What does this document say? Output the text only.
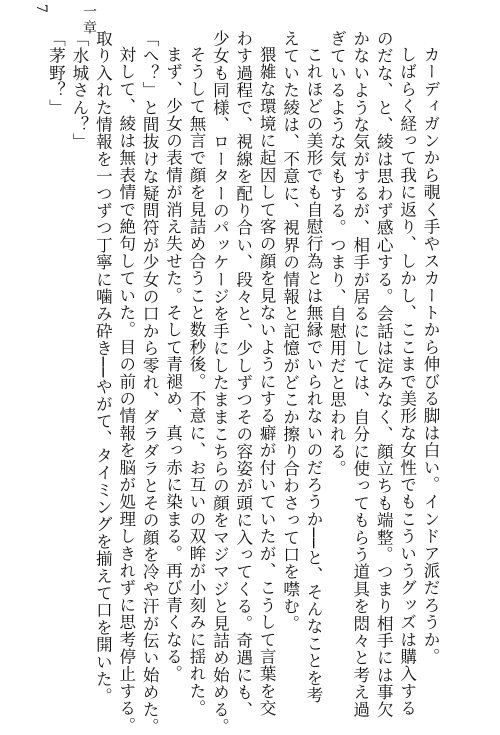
7 一章

カーディガンから覗く手やスカートから伸びる脚は白い。インドア派だろうか。

しばらく経って我に返り、しかし、ここまで美形な女性でもこういうグッズは購入する

のだな、と、綾は思わず感心する。会話は淀みなく、顔立ちも端整。つまり相手には事欠

かないような気がするが、相手が居るにしては、自分に使ってもらう道具を悶々と考え過

ぎているような気もする。つまり、自慰用だと思われる。

これほどの美形でも自慰行為とは無縁でいられないのだろうか──と、そんなことを考

えていた綾は、不意に、視界の情報と記憶がどこか擦り合わさって口を噤む。

猥雑な環境に起因して客の顔を見ないようにする癖が付いていたが、こうして言葉を交

わす過程で、視線を配り合い、段々と、少しずつその容姿が頭に入ってくる。奇遇にも、

少女も同様、ローターのパッケージを手にしたままこちらの顔をマジマジと見詰め始める。

そうして無言で顔を見詰め合うこと数秒後。不意に、お互いの双眸が小刻みに揺れた。

まず、少女の表情が消え失せた。そして青褪め、真っ赤に染まる。再び青くなる。

「へ？」と間抜けな疑問符が少女の口から零れ、ダラダラとその顔を冷や汗が伝い始めた。

対して、綾は無表情で絶句していた。目の前の情報を脳が処理しきれずに思考停止する。

取り入れた情報を一つずつ丁寧に噛み砕き──やがて、タイミングを揃えて口を開いた。

「水城さん？」

「茅野？」
